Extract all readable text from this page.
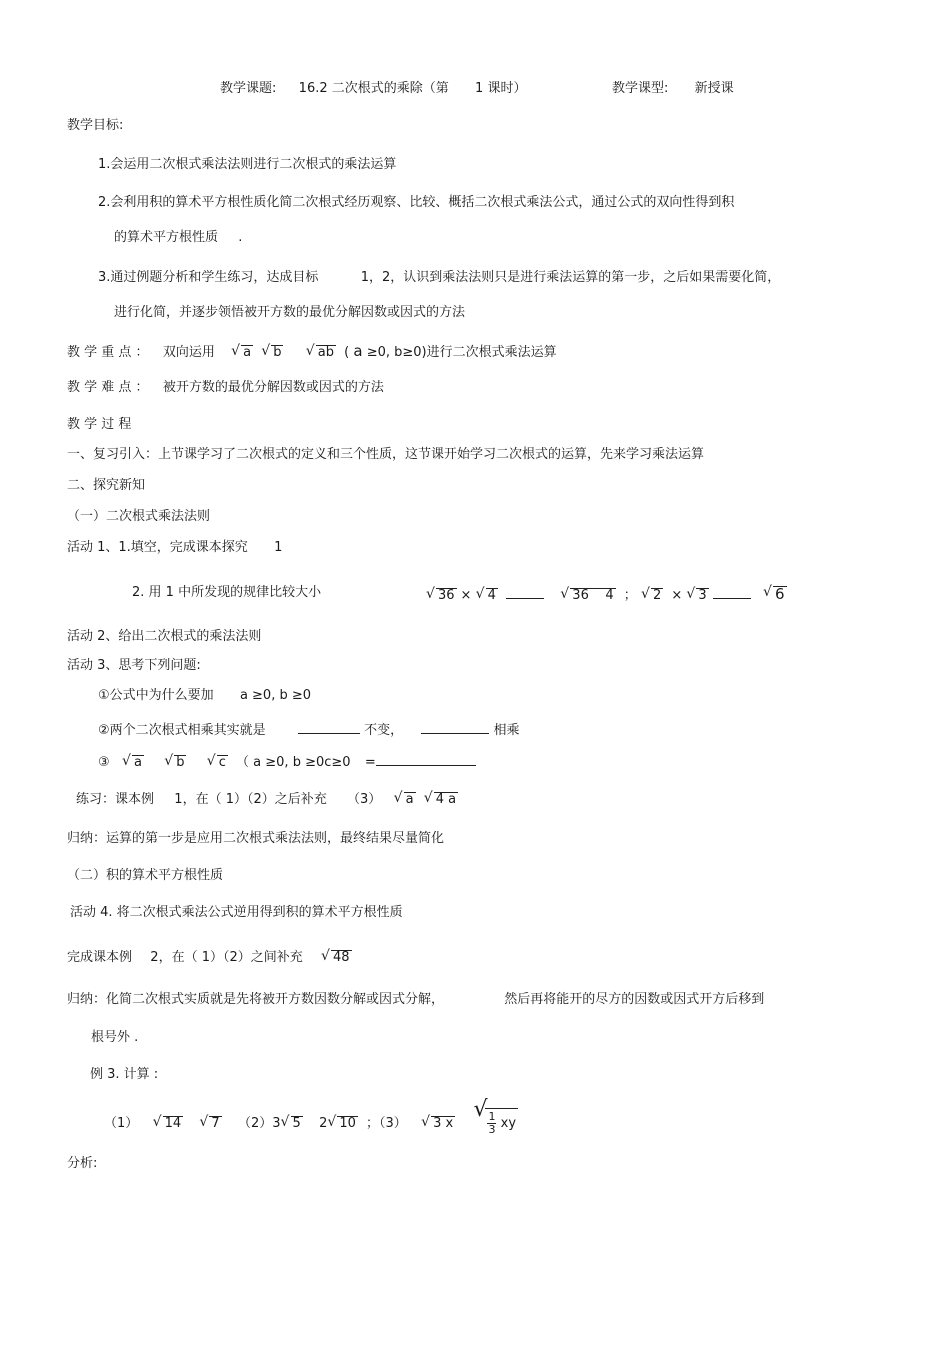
教学课题: 16.2 二次根式的乘除（第 1 课时）	教学课型: 新授课
教学目标:
1.会运用二次根式乘法法则进行二次根式的乘法运算
2.会利用积的算术平方根性质化简二次根式经历观察、比较、概括二次根式乘法公式，通过公式的双向性得到积
的算术平方根性质 .
3.通过例题分析和学生练习，达成目标	1，2，认识到乘法法则只是进行乘法运算的第一步，之后如果需要化简，
进行化简，并逐步领悟被开方数的最优分解因数或因式的方法
教 学 重 点 ： 双向运用 √ a √ b √ ab ( a ≥0, b≥0)进行二次根式乘法运算
教 学 难 点 ： 被开方数的最优分解因数或因式的方法
教 学 过 程
一、复习引入：上节课学习了二次根式的定义和三个性质，这节课开始学习二次根式的运算，先来学习乘法运算
二、探究新知
（一）二次根式乘法法则
活动 1、1.填空，完成课本探究 1
2. 用 1 中所发现的规律比较大小	√ 36 × √ 4	√ 36    4 ； √ 2 × √ 3	√ 6
活动 2、给出二次根式的乘法法则
活动 3、思考下列问题:
①公式中为什么要加 a ≥0, b ≥0
②两个二次根式相乘其实就是	不变，	相乘
③ √ a √ b √ c （ a ≥0, b ≥0c≥0 =
练习：课本例 1，在（ 1）（2）之后补充 （3） √ a √ 4 a
归纳：运算的第一步是应用二次根式乘法法则，最终结果尽量简化
（二）积的算术平方根性质
活动 4. 将二次根式乘法公式逆用得到积的算术平方根性质
完成课本例 2，在（ 1）（2）之间补充 √ 48
归纳：化简二次根式实质就是先将被开方数因数分解或因式分解，	然后再将能开的尽方的因数或因式开方后移到
根号外 .
例 3. 计算 :
（1） √ 14 √ 7 （2）3 √ 5 2 √ 10 ；（3） √ 3 x
√
$\frac{1}{3}$ xy
分析:
